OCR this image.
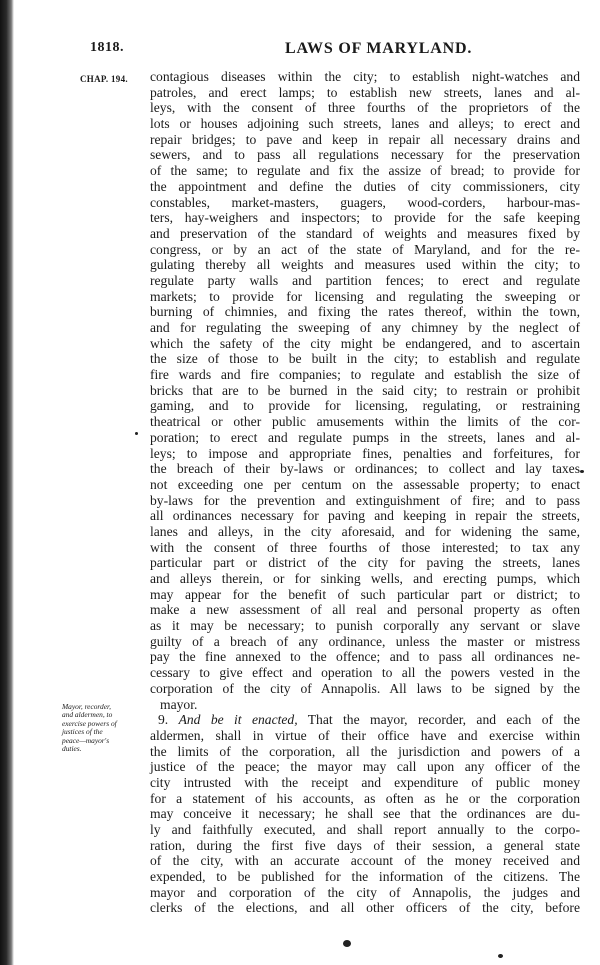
1818.	LAWS OF MARYLAND.
CHAP. 194. contagious diseases within the city; to establish night-watches and
patroles, and erect lamps; to establish new streets, lanes and al-
leys, with the consent of three fourths of the proprietors of the
lots or houses adjoining such streets, lanes and alleys; to erect and
repair bridges; to pave and keep in repair all necessary drains and
sewers, and to pass all regulations necessary for the preservation
of the same; to regulate and fix the assize of bread; to provide for
the appointment and define the duties of city commissioners, city
constables, market-masters, guagers, wood-corders, harbour-mas-
ters, hay-weighers and inspectors; to provide for the safe keeping
and preservation of the standard of weights and measures fixed by
congress, or by an act of the state of Maryland, and for the re-
gulating thereby all weights and measures used within the city; to
regulate party walls and partition fences; to erect and regulate
markets; to provide for licensing and regulating the sweeping or
burning of chimnies, and fixing the rates thereof, within the town,
and for regulating the sweeping of any chimney by the neglect of
which the safety of the city might be endangered, and to ascertain
the size of those to be built in the city; to establish and regulate
fire wards and fire companies; to regulate and establish the size of
bricks that are to be burned in the said city; to restrain or prohibit
gaming, and to provide for licensing, regulating, or restraining
theatrical or other public amusements within the limits of the cor-
poration; to erect and regulate pumps in the streets, lanes and al-
leys; to impose and appropriate fines, penalties and forfeitures, for
the breach of their by-laws or ordinances; to collect and lay taxes
not exceeding one per centum on the assessable property; to enact
by-laws for the prevention and extinguishment of fire; and to pass
all ordinances necessary for paving and keeping in repair the streets,
lanes and alleys, in the city aforesaid, and for widening the same,
with the consent of three fourths of those interested; to tax any
particular part or district of the city for paving the streets, lanes
and alleys therein, or for sinking wells, and erecting pumps, which
may appear for the benefit of such particular part or district; to
make a new assessment of all real and personal property as often
as it may be necessary; to punish corporally any servant or slave
guilty of a breach of any ordinance, unless the master or mistress
pay the fine annexed to the offence; and to pass all ordinances ne-
cessary to give effect and operation to all the powers vested in the
corporation of the city of Annapolis. All laws to be signed by the
mayor.
9. And be it enacted, That the mayor, recorder, and each of the
aldermen, shall in virtue of their office have and exercise within
the limits of the corporation, all the jurisdiction and powers of a
justice of the peace; the mayor may call upon any officer of the
city intrusted with the receipt and expenditure of public money
for a statement of his accounts, as often as he or the corporation
may conceive it necessary; he shall see that the ordinances are du-
ly and faithfully executed, and shall report annually to the corpo-
ration, during the first five days of their session, a general state
of the city, with an accurate account of the money received and
expended, to be published for the information of the citizens. The
mayor and corporation of the city of Annapolis, the judges and
clerks of the elections, and all other officers of the city, before
Mayor, recorder,
and aldermen, to
exercise powers of
justices of the
peace—mayor's
duties.
